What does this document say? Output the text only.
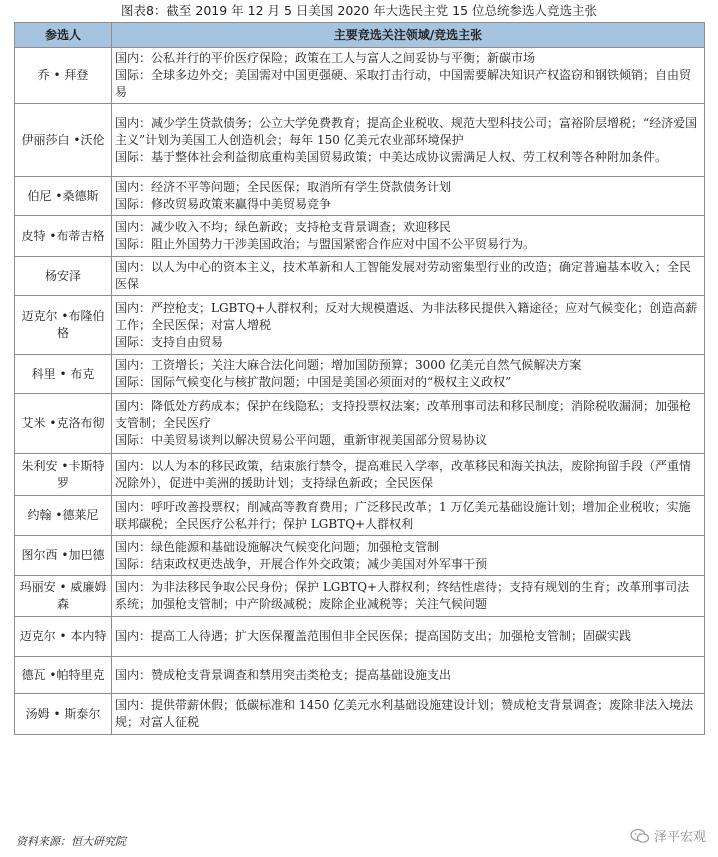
图表8：截至 2019 年 12 月 5 日美国 2020 年大选民主党 15 位总统参选人竞选主张
参选人	主要竞选关注领域/竞选主张
乔 • 拜登	国内：公私并行的平价医疗保险；政策在工人与富人之间妥协与平衡；新碳市场
国际：全球多边外交；美国需对中国更强硬、采取打击行动，中国需要解决知识产权盗窃和钢铁倾销；自由贸易

伊丽莎白 •沃伦	国内：减少学生贷款债务；公立大学免费教育；提高企业税收、规范大型科技公司；富裕阶层增税；“经济爱国主义”计划为美国工人创造机会；每年 150 亿美元农业部环境保护
国际：基于整体社会利益彻底重构美国贸易政策；中美达成协议需满足人权、劳工权利等各种附加条件。

伯尼 •桑德斯	国内：经济不平等问题；全民医保；取消所有学生贷款债务计划
国际：修改贸易政策来赢得中美贸易竞争

皮特 •布蒂吉格	国内：减少收入不均；绿色新政；支持枪支背景调查；欢迎移民
国际：阻止外国势力干涉美国政治；与盟国紧密合作应对中国不公平贸易行为。

杨安泽	国内：以人为中心的资本主义，技术革新和人工智能发展对劳动密集型行业的改造；确定普遍基本收入；全民医保

迈克尔 •布隆伯格	国内：严控枪支；LGBTQ+人群权利；反对大规模遣返、为非法移民提供入籍途径；应对气候变化；创造高薪工作；全民医保；对富人增税
国际：支持自由贸易

科里 • 布克	国内：工资增长；关注大麻合法化问题；增加国防预算；3000 亿美元自然气候解决方案
国际：国际气候变化与核扩散问题；中国是美国必须面对的“极权主义政权”

艾米 •克洛布彻	国内：降低处方药成本；保护在线隐私；支持投票权法案；改革刑事司法和移民制度；消除税收漏洞；加强枪支管制；全民医疗
国际：中美贸易谈判以解决贸易公平问题，重新审视美国部分贸易协议

朱利安 •卡斯特罗	国内：以人为本的移民政策，结束旅行禁令，提高难民入学率，改革移民和海关执法，废除拘留手段（严重情况除外），促进中美洲的援助计划；支持绿色新政；全民医保

约翰 •德莱尼	国内：呼吁改善投票权；削减高等教育费用；广泛移民改革；1 万亿美元基础设施计划；增加企业税收；实施联邦碳税；全民医疗公私并行；保护 LGBTQ+人群权利

图尔西 •加巴德	国内：绿色能源和基础设施解决气候变化问题；加强枪支管制
国际：结束政权更迭战争，开展合作外交政策；减少美国对外军事干预

玛丽安 • 威廉姆森	国内：为非法移民争取公民身份；保护 LGBTQ+人群权利；终结性虐待；支持有规划的生育；改革刑事司法系统；加强枪支管制；中产阶级减税；废除企业减税等；关注气候问题

迈克尔 • 本内特	国内：提高工人待遇；扩大医保覆盖范围但非全民医保；提高国防支出；加强枪支管制；固碳实践

德瓦 •帕特里克	国内：赞成枪支背景调查和禁用突击类枪支；提高基础设施支出

汤姆 • 斯泰尔	国内：提供带薪休假；低碳标准和 1450 亿美元水利基础设施建设计划；赞成枪支背景调查；废除非法入境法规；对富人征税
资料来源：恒大研究院	泽平宏观
